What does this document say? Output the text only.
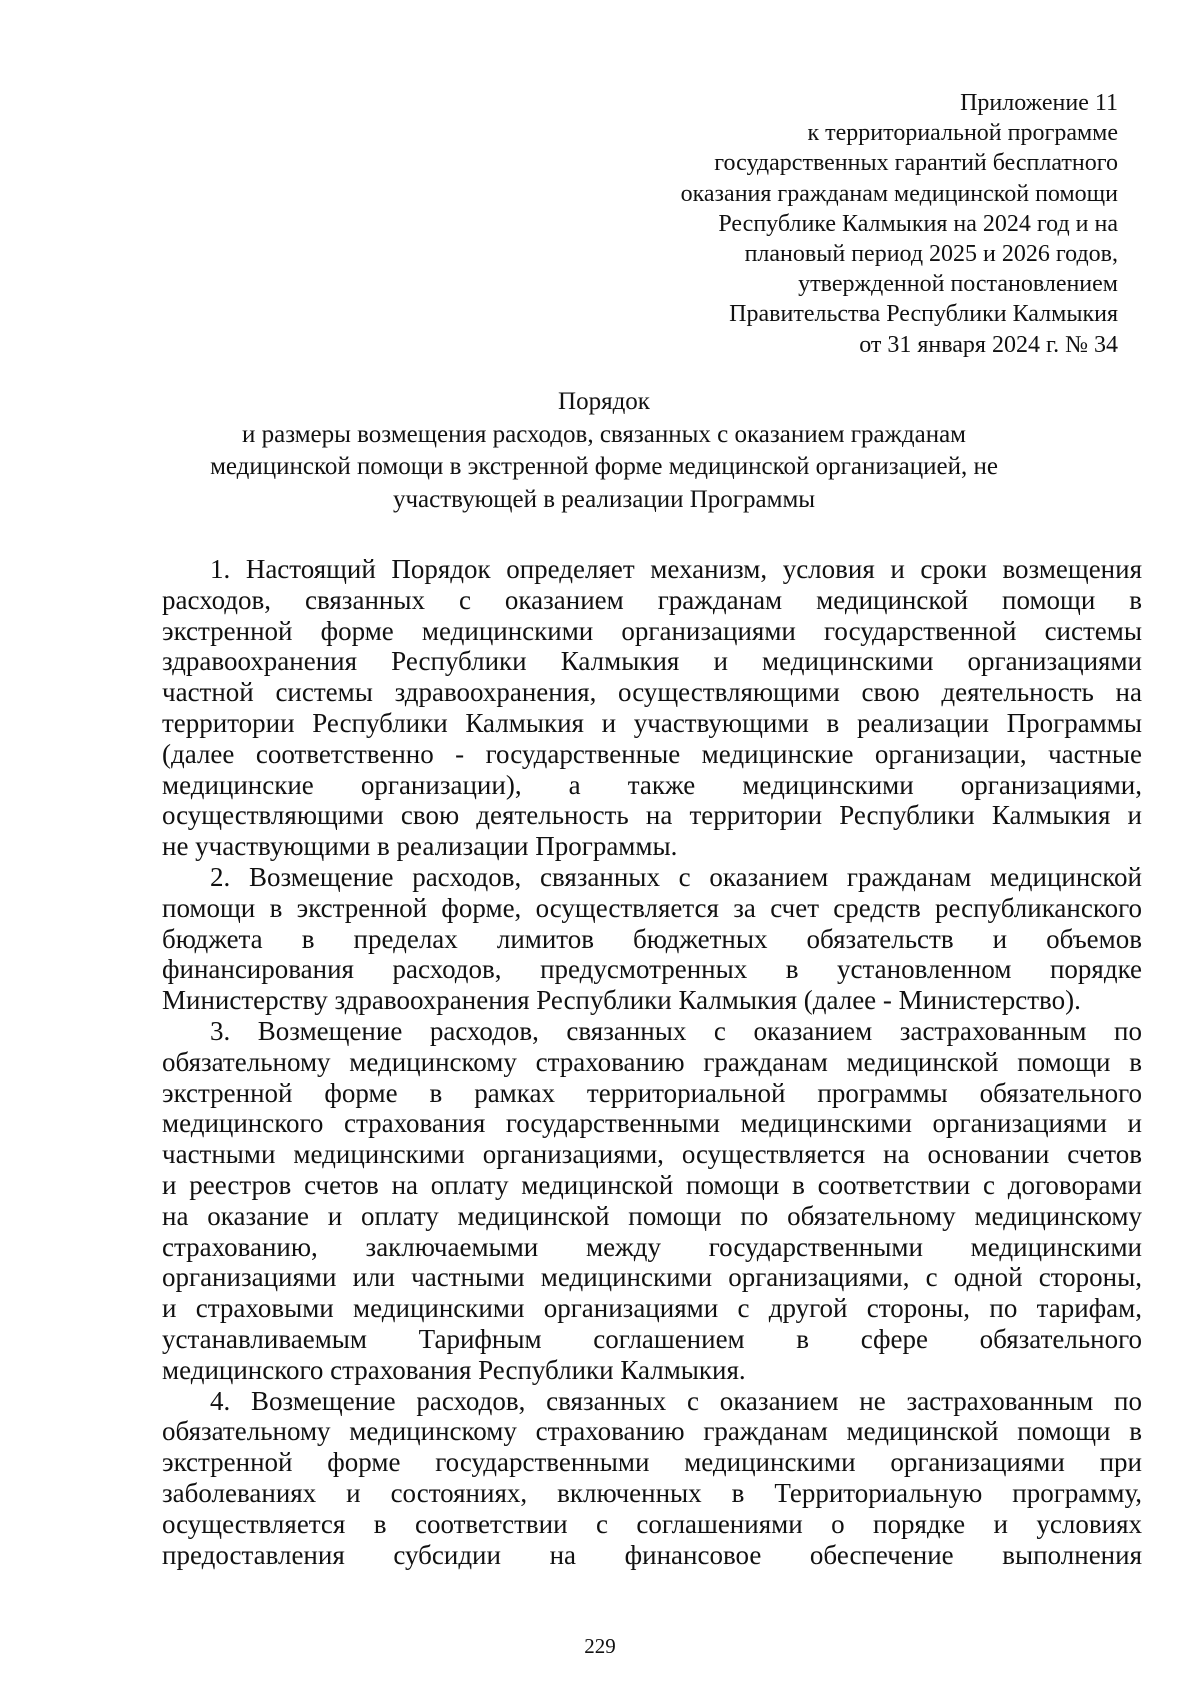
Приложение 11
к территориальной программе
государственных гарантий бесплатного
оказания гражданам медицинской помощи
Республике Калмыкия на 2024 год и на
плановый период 2025 и 2026 годов,
утвержденной постановлением
Правительства Республики Калмыкия
от 31 января 2024 г. № 34
Порядок
и размеры возмещения расходов, связанных с оказанием гражданам
медицинской помощи в экстренной форме медицинской организацией, не
участвующей в реализации Программы
1. Настоящий Порядок определяет механизм, условия и сроки возмещения
расходов, связанных с оказанием гражданам медицинской помощи в
экстренной форме медицинскими организациями государственной системы
здравоохранения Республики Калмыкия и медицинскими организациями
частной системы здравоохранения, осуществляющими свою деятельность на
территории Республики Калмыкия и участвующими в реализации Программы
(далее соответственно - государственные медицинские организации, частные
медицинские организации), а также медицинскими организациями,
осуществляющими свою деятельность на территории Республики Калмыкия и
не участвующими в реализации Программы.
2. Возмещение расходов, связанных с оказанием гражданам медицинской
помощи в экстренной форме, осуществляется за счет средств республиканского
бюджета в пределах лимитов бюджетных обязательств и объемов
финансирования расходов, предусмотренных в установленном порядке
Министерству здравоохранения Республики Калмыкия (далее - Министерство).
3. Возмещение расходов, связанных с оказанием застрахованным по
обязательному медицинскому страхованию гражданам медицинской помощи в
экстренной форме в рамках территориальной программы обязательного
медицинского страхования государственными медицинскими организациями и
частными медицинскими организациями, осуществляется на основании счетов
и реестров счетов на оплату медицинской помощи в соответствии с договорами
на оказание и оплату медицинской помощи по обязательному медицинскому
страхованию, заключаемыми между государственными медицинскими
организациями или частными медицинскими организациями, с одной стороны,
и страховыми медицинскими организациями с другой стороны, по тарифам,
устанавливаемым Тарифным соглашением в сфере обязательного
медицинского страхования Республики Калмыкия.
4. Возмещение расходов, связанных с оказанием не застрахованным по
обязательному медицинскому страхованию гражданам медицинской помощи в
экстренной форме государственными медицинскими организациями при
заболеваниях и состояниях, включенных в Территориальную программу,
осуществляется в соответствии с соглашениями о порядке и условиях
предоставления субсидии на финансовое обеспечение выполнения
229
